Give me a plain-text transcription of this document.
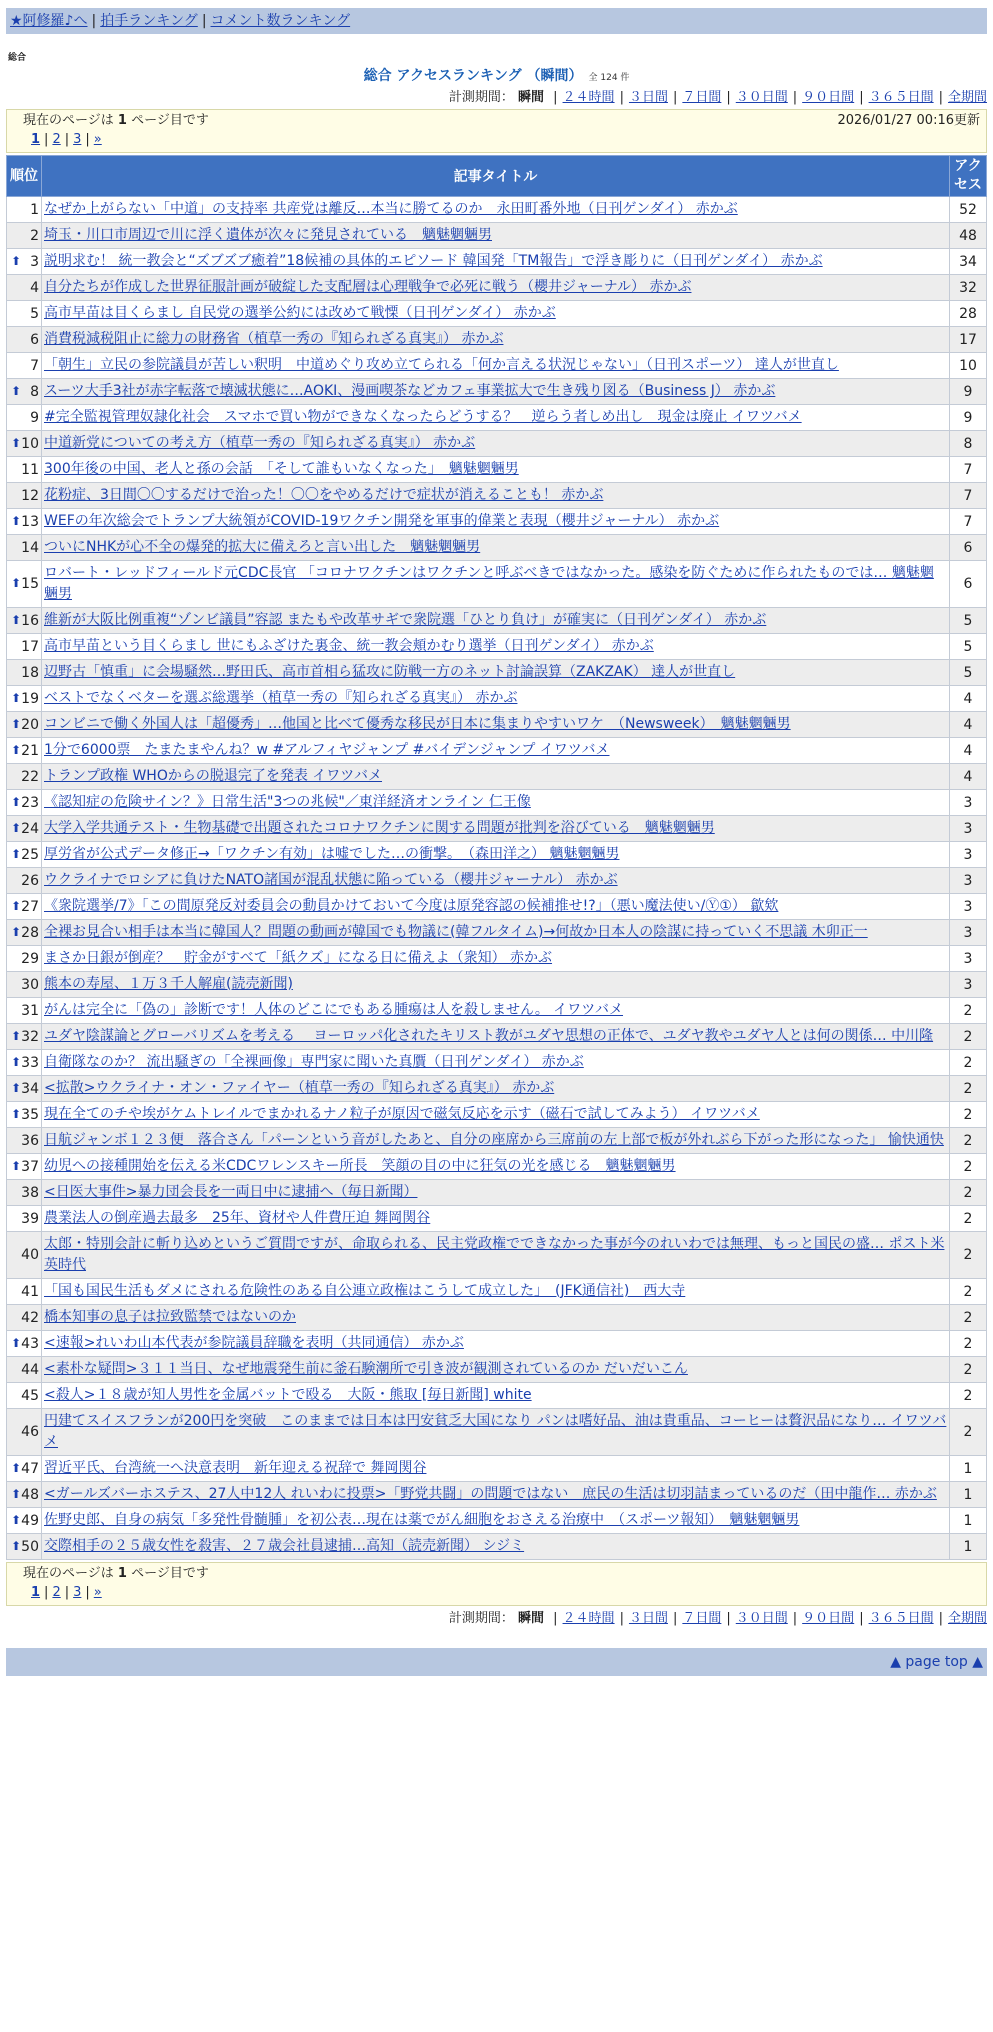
★阿修羅♪へ | 拍手ランキング | コメント数ランキング
総合
総合 アクセスランキング （瞬間） 全 124 件
計測期間： 瞬間 | ２４時間 | ３日間 | ７日間 | ３０日間 | ９０日間 | ３６５日間 | 全期間
現在のページは 1 ページ目です	2026/01/27 00:16更新
1 | 2 | 3 | »
順位	記事タイトル	アクセス
1	なぜか上がらない「中道」の支持率 共産党は離反…本当に勝てるのか　永田町番外地（日刊ゲンダイ） 赤かぶ	52
2	埼玉・川口市周辺で川に浮く遺体が次々に発見されている　魑魅魍魎男	48

⬆ 3	説明求む！ 統一教会と“ズブズブ癒着”18候補の具体的エピソード 韓国発「TM報告」で浮き彫りに（日刊ゲンダイ） 赤かぶ	34
4	自分たちが作成した世界征服計画が破綻した支配層は心理戦争で必死に戦う（櫻井ジャーナル） 赤かぶ	32
5	高市早苗は目くらまし 自民党の選挙公約には改めて戦慄（日刊ゲンダイ） 赤かぶ	28
6	消費税減税阻止に総力の財務省（植草一秀の『知られざる真実』） 赤かぶ	17
7	「朝生」立民の参院議員が苦しい釈明　中道めぐり攻め立てられる「何か言える状況じゃない」（日刊スポーツ） 達人が世直し	10

⬆ 8	スーツ大手3社が赤字転落で壊滅状態に…AOKI、漫画喫茶などカフェ事業拡大で生き残り図る（Business J） 赤かぶ	9
9	#完全監視管理奴隷化社会　スマホで買い物ができなくなったらどうする？　逆らう者しめ出し　現金は廃止 イワツバメ	9

⬆ 10	中道新党についての考え方（植草一秀の『知られざる真実』） 赤かぶ	8
11	300年後の中国、老人と孫の会話　「そして誰もいなくなった」　魑魅魍魎男	7
12	花粉症、3日間〇〇するだけで治った！〇〇をやめるだけで症状が消えることも！ 赤かぶ	7

⬆ 13	WEFの年次総会でトランプ大統領がCOVID-19ワクチン開発を軍事的偉業と表現（櫻井ジャーナル） 赤かぶ	7
14	ついにNHKが心不全の爆発的拡大に備えろと言い出した　魑魅魍魎男	6

⬆ 15	ロバート・レッドフィールド元CDC長官 「コロナワクチンはワクチンと呼ぶべきではなかった。感染を防ぐために作られたものでは… 魑魅魍魎男	6

⬆ 16	維新が大阪比例重複“ゾンビ議員”容認 またもや改革サギで衆院選「ひとり負け」が確実に（日刊ゲンダイ） 赤かぶ	5
17	高市早苗という目くらまし 世にもふざけた裏金、統一教会頬かむり選挙（日刊ゲンダイ） 赤かぶ	5
18	辺野古「慎重」に会場騒然…野田氏、高市首相ら猛攻に防戦一方のネット討論誤算（ZAKZAK） 達人が世直し	5

⬆ 19	ベストでなくベターを選ぶ総選挙（植草一秀の『知られざる真実』） 赤かぶ	4

⬆ 20	コンビニで働く外国人は「超優秀」…他国と比べて優秀な移民が日本に集まりやすいワケ　（Newsweek）　魑魅魍魎男	4

⬆ 21	1分で6000票　たまたまやんね？w #アルフィヤジャンプ #バイデンジャンプ イワツバメ	4
22	トランプ政権 WHOからの脱退完了を発表 イワツバメ	4

⬆ 23	《認知症の危険サイン？》日常生活"3つの兆候"／東洋経済オンライン 仁王像	3

⬆ 24	大学入学共通テスト・生物基礎で出題されたコロナワクチンに関する問題が批判を浴びている　魑魅魍魎男	3

⬆ 25	厚労省が公式データ修正→「ワクチン有効」は嘘でした…の衝撃。　（森田洋之） 魑魅魍魎男	3
26	ウクライナでロシアに負けたNATO諸国が混乱状態に陥っている（櫻井ジャーナル） 赤かぶ	3

⬆ 27	《衆院選挙/7》「この間原発反対委員会の動員かけておいて今度は原発容認の候補推せ!?」（悪い魔法使い/Ⓨ①） 歙欸	3

⬆ 28	全裸お見合い相手は本当に韓国人？問題の動画が韓国でも物議に(韓フルタイム)→何故か日本人の陰謀に持っていく不思議 木卯正一	3
29	まさか日銀が倒産？　貯金がすべて「紙クズ」になる日に備えよ（衆知） 赤かぶ	3
30	熊本の寿屋、１万３千人解雇(読売新聞)	3
31	がんは完全に「偽の」診断です！人体のどこにでもある腫瘍は人を殺しません。 イワツバメ	2

⬆ 32	ユダヤ陰謀論とグローバリズムを考える ＿ヨーロッパ化されたキリスト教がユダヤ思想の正体で、ユダヤ教やユダヤ人とは何の関係… 中川隆	2

⬆ 33	自衛隊なのか？ 流出騒ぎの「全裸画像」専門家に聞いた真贋（日刊ゲンダイ） 赤かぶ	2

⬆ 34	<拡散>ウクライナ・オン・ファイヤー（植草一秀の『知られざる真実』） 赤かぶ	2

⬆ 35	現在全てのチや埃がケムトレイルでまかれるナノ粒子が原因で磁気反応を示す（磁石で試してみよう） イワツバメ	2
36	日航ジャンボ１２３便　落合さん「パーンという音がしたあと、自分の座席から三席前の左上部で板が外れぶら下がった形になった」 愉快通快	2

⬆ 37	幼児への接種開始を伝える米CDCワレンスキー所長　笑顔の目の中に狂気の光を感じる　魑魅魍魎男	2
38	<日医大事件>暴力団会長を一両日中に逮捕へ（毎日新聞）	2
39	農業法人の倒産過去最多　25年、資材や人件費圧迫 舞岡関谷	2
40	太郎・特別会計に斬り込めというご質問ですが、命取られる、民主党政権でできなかった事が今のれいわでは無理、もっと国民の盛… ポスト米英時代	2
41	「国も国民生活もダメにされる危険性のある自公連立政権はこうして成立した」　(JFK通信社)　西大寺	2
42	橋本知事の息子は拉致監禁ではないのか	2

⬆ 43	<速報>れいわ山本代表が参院議員辞職を表明（共同通信） 赤かぶ	2
44	<素朴な疑問>３１１当日、なぜ地震発生前に釜石験潮所で引き波が観測されているのか だいだいこん	2
45	<殺人>１８歳が知人男性を金属バットで殴る　大阪・熊取 [毎日新聞] white	2
46	円建てスイスフランが200円を突破　このままでは日本は円安貧乏大国になり パンは嗜好品、油は貴重品、コーヒーは贅沢品になり… イワツバメ	2

⬆ 47	習近平氏、台湾統一へ決意表明　新年迎える祝辞で 舞岡関谷	1

⬆ 48	<ガールズバーホステス、27人中12人 れいわに投票>「野党共闘」の問題ではない　庶民の生活は切羽詰まっているのだ（田中龍作… 赤かぶ	1

⬆ 49	佐野史郎、自身の病気「多発性骨髄腫」を初公表…現在は薬でがん細胞をおさえる治療中　（スポーツ報知）　魑魅魍魎男	1

⬆ 50	交際相手の２５歳女性を殺害、２７歳会社員逮捕…高知（読売新聞） シジミ	1
現在のページは 1 ページ目です
1 | 2 | 3 | »
計測期間： 瞬間 | ２４時間 | ３日間 | ７日間 | ３０日間 | ９０日間 | ３６５日間 | 全期間
▲ page top ▲
